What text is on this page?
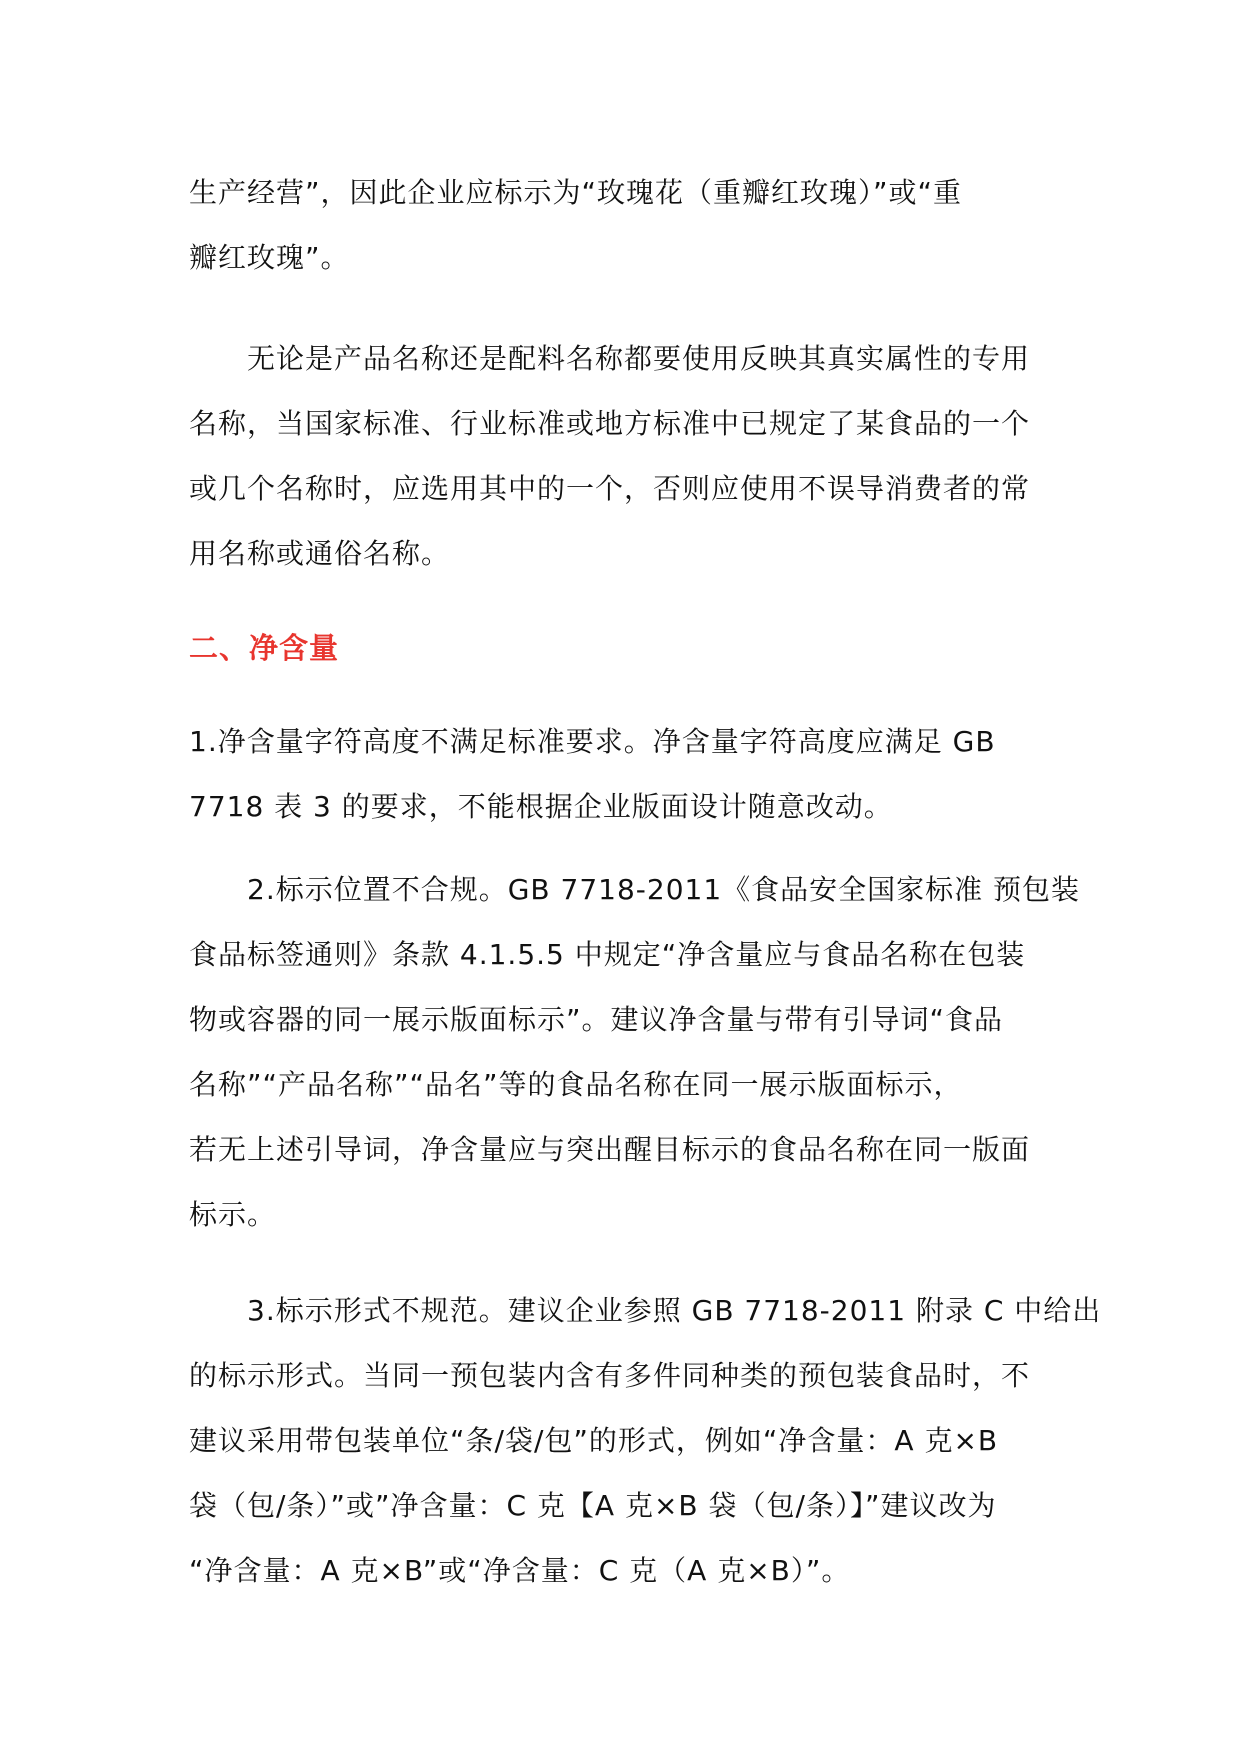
生产经营”，因此企业应标示为“玫瑰花（重瓣红玫瑰）”或“重
瓣红玫瑰”。
　　无论是产品名称还是配料名称都要使用反映其真实属性的专用
名称，当国家标准、行业标准或地方标准中已规定了某食品的一个
或几个名称时，应选用其中的一个，否则应使用不误导消费者的常
用名称或通俗名称。
二、净含量
1.净含量字符高度不满足标准要求。净含量字符高度应满足 GB
7718 表 3 的要求，不能根据企业版面设计随意改动。
　　2.标示位置不合规。GB 7718-2011《食品安全国家标准 预包装
食品标签通则》条款 4.1.5.5 中规定“净含量应与食品名称在包装
物或容器的同一展示版面标示”。建议净含量与带有引导词“食品
名称”“产品名称”“品名”等的食品名称在同一展示版面标示，
若无上述引导词，净含量应与突出醒目标示的食品名称在同一版面
标示。
　　3.标示形式不规范。建议企业参照 GB 7718-2011 附录 C 中给出
的标示形式。当同一预包装内含有多件同种类的预包装食品时，不
建议采用带包装单位“条/袋/包”的形式，例如“净含量：A 克×B
袋（包/条）”或”净含量：C 克【A 克×B 袋（包/条）】”建议改为
“净含量：A 克×B”或“净含量：C 克（A 克×B）”。
